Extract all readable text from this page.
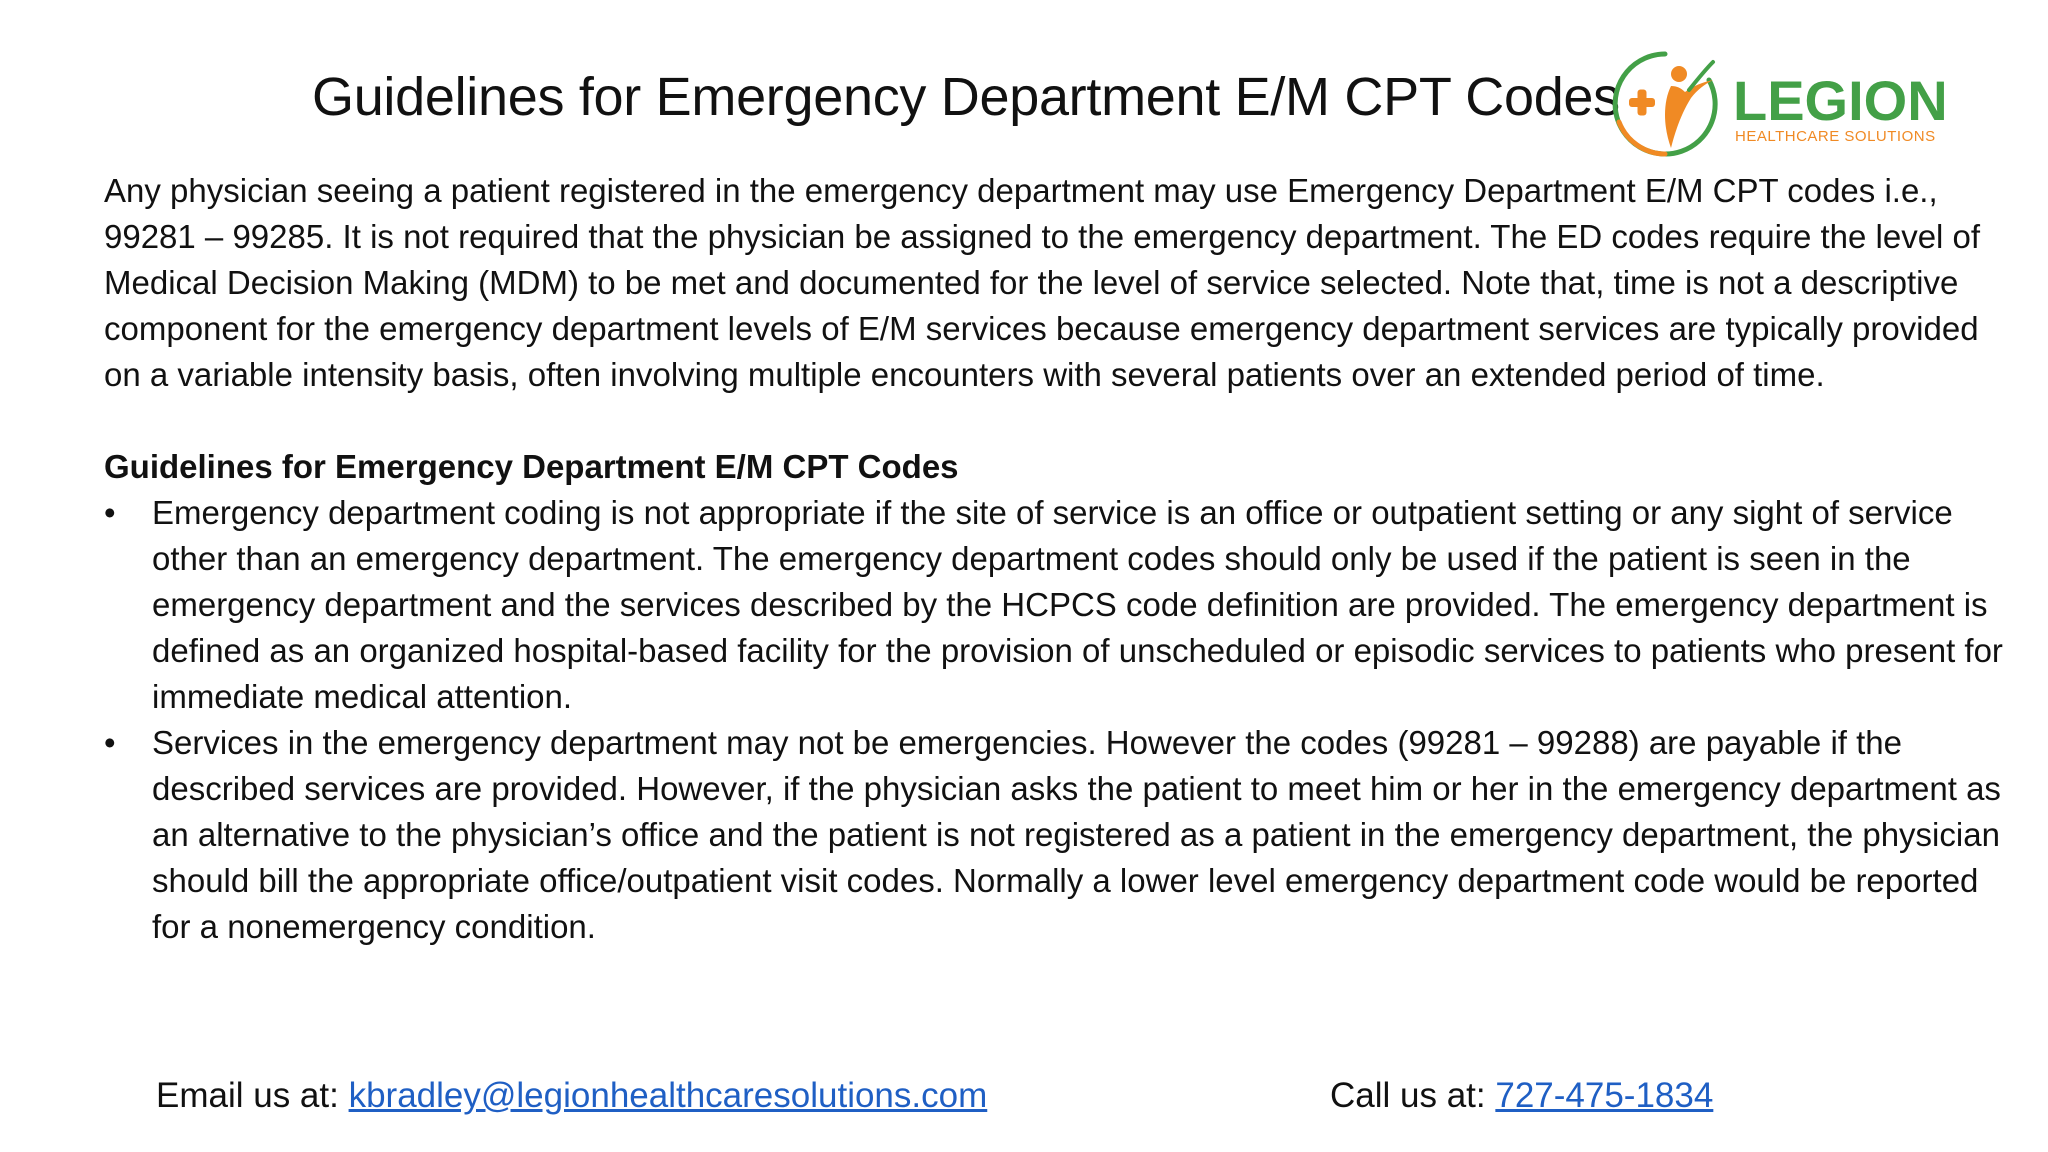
Guidelines for Emergency Department E/M CPT Codes LEGION
HEALTHCARE SOLUTIONS

Any physician seeing a patient registered in the emergency department may use Emergency Department E/M CPT codes i.e., 99281 – 99285. It is not required that the physician be assigned to the emergency department. The ED codes require the level of Medical Decision Making (MDM) to be met and documented for the level of service selected. Note that, time is not a descriptive component for the emergency department levels of E/M services because emergency department services are typically provided on a variable intensity basis, often involving multiple encounters with several patients over an extended period of time.

Guidelines for Emergency Department E/M CPT Codes
• Emergency department coding is not appropriate if the site of service is an office or outpatient setting or any sight of service other than an emergency department. The emergency department codes should only be used if the patient is seen in the emergency department and the services described by the HCPCS code definition are provided. The emergency department is defined as an organized hospital-based facility for the provision of unscheduled or episodic services to patients who present for immediate medical attention.
• Services in the emergency department may not be emergencies. However the codes (99281 – 99288) are payable if the described services are provided. However, if the physician asks the patient to meet him or her in the emergency department as an alternative to the physician’s office and the patient is not registered as a patient in the emergency department, the physician should bill the appropriate office/outpatient visit codes. Normally a lower level emergency department code would be reported for a nonemergency condition.
Email us at: kbradley@legionhealthcaresolutions.com	Call us at: 727-475-1834
